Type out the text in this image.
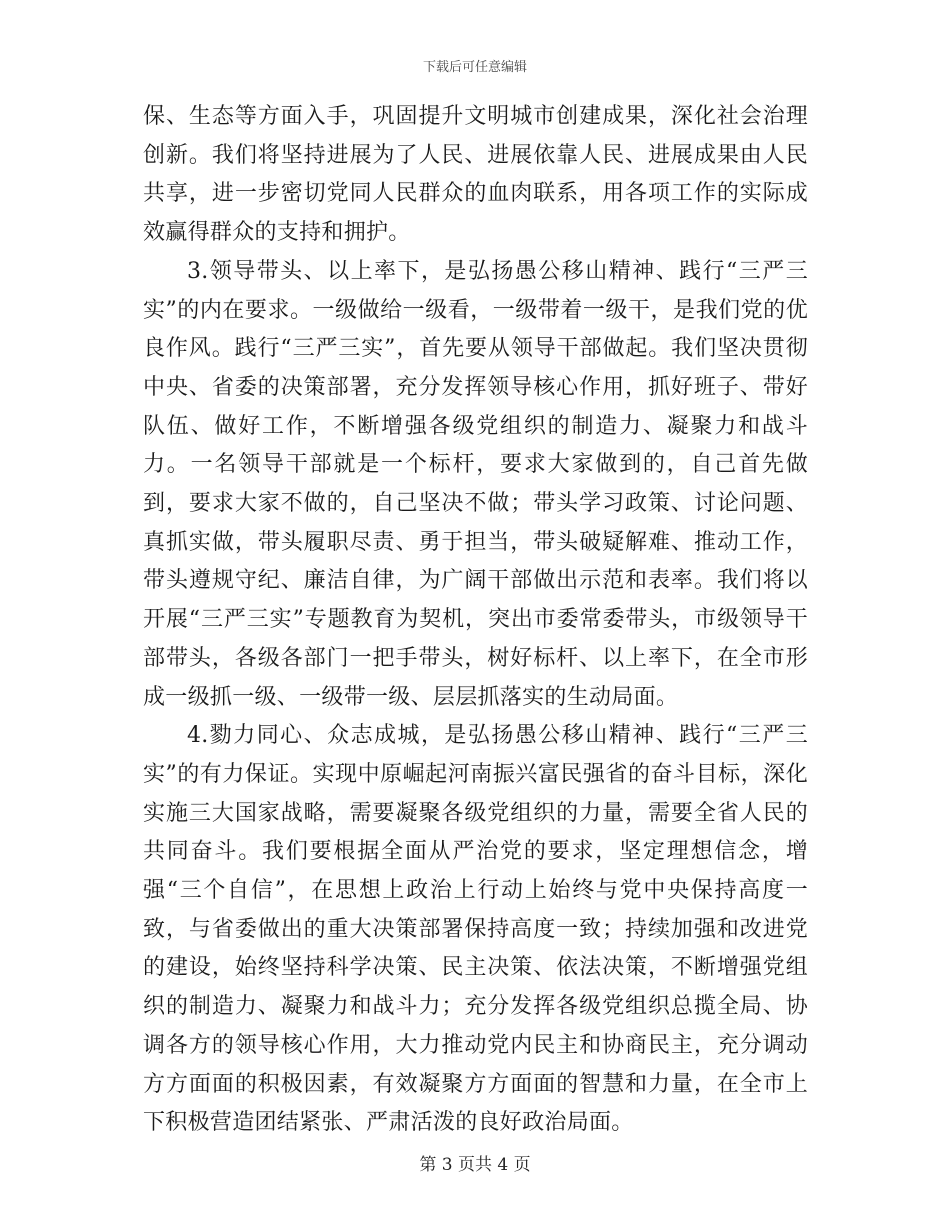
下载后可任意编辑

保、生态等方面入手，巩固提升文明城市创建成果，深化社会治理创新。我们将坚持进展为了人民、进展依靠人民、进展成果由人民共享，进一步密切党同人民群众的血肉联系，用各项工作的实际成效赢得群众的支持和拥护。

3.领导带头、以上率下，是弘扬愚公移山精神、践行“三严三实”的内在要求。一级做给一级看，一级带着一级干，是我们党的优良作风。践行“三严三实”，首先要从领导干部做起。我们坚决贯彻中央、省委的决策部署，充分发挥领导核心作用，抓好班子、带好队伍、做好工作，不断增强各级党组织的制造力、凝聚力和战斗力。一名领导干部就是一个标杆，要求大家做到的，自己首先做到，要求大家不做的，自己坚决不做；带头学习政策、讨论问题、真抓实做，带头履职尽责、勇于担当，带头破疑解难、推动工作，带头遵规守纪、廉洁自律，为广阔干部做出示范和表率。我们将以开展“三严三实”专题教育为契机，突出市委常委带头，市级领导干部带头，各级各部门一把手带头，树好标杆、以上率下，在全市形成一级抓一级、一级带一级、层层抓落实的生动局面。

4.勠力同心、众志成城，是弘扬愚公移山精神、践行“三严三实”的有力保证。实现中原崛起河南振兴富民强省的奋斗目标，深化实施三大国家战略，需要凝聚各级党组织的力量，需要全省人民的共同奋斗。我们要根据全面从严治党的要求，坚定理想信念，增强“三个自信”，在思想上政治上行动上始终与党中央保持高度一致，与省委做出的重大决策部署保持高度一致；持续加强和改进党的建设，始终坚持科学决策、民主决策、依法决策，不断增强党组织的制造力、凝聚力和战斗力；充分发挥各级党组织总揽全局、协调各方的领导核心作用，大力推动党内民主和协商民主，充分调动方方面面的积极因素，有效凝聚方方面面的智慧和力量，在全市上下积极营造团结紧张、严肃活泼的良好政治局面。

第 3 页共 4 页
